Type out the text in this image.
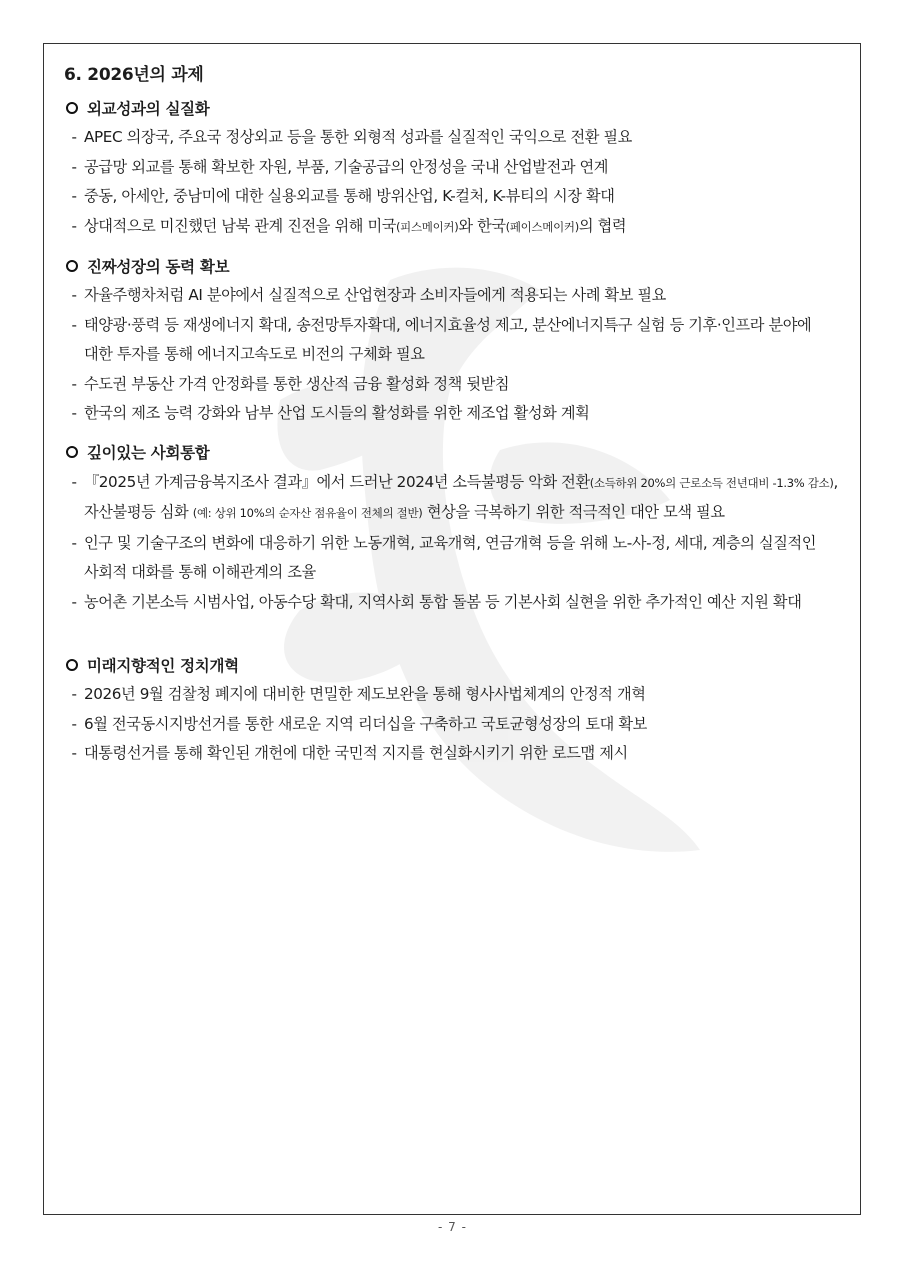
6. 2026년의 과제
외교성과의 실질화
- APEC 의장국, 주요국 정상외교 등을 통한 외형적 성과를 실질적인 국익으로 전환 필요
- 공급망 외교를 통해 확보한 자원, 부품, 기술공급의 안정성을 국내 산업발전과 연계
- 중동, 아세안, 중남미에 대한 실용외교를 통해 방위산업, K-컬처, K-뷰티의 시장 확대
- 상대적으로 미진했던 남북 관계 진전을 위해 미국(피스메이커)와 한국(페이스메이커)의 협력
진짜성장의 동력 확보
- 자율주행차처럼 AI 분야에서 실질적으로 산업현장과 소비자들에게 적용되는 사례 확보 필요
- 태양광·풍력 등 재생에너지 확대, 송전망투자확대, 에너지효율성 제고, 분산에너지특구 실험 등 기후·인프라 분야에 대한 투자를 통해 에너지고속도로 비전의 구체화 필요
- 수도권 부동산 가격 안정화를 통한 생산적 금융 활성화 정책 뒷받침
- 한국의 제조 능력 강화와 남부 산업 도시들의 활성화를 위한 제조업 활성화 계획
깊이있는 사회통합
- 『2025년 가계금융복지조사 결과』에서 드러난 2024년 소득불평등 악화 전환(소득하위 20%의 근로소득 전년대비 -1.3% 감소), 자산불평등 심화 (예: 상위 10%의 순자산 점유율이 전체의 절반) 현상을 극복하기 위한 적극적인 대안 모색 필요
- 인구 및 기술구조의 변화에 대응하기 위한 노동개혁, 교육개혁, 연금개혁 등을 위해 노-사-정, 세대, 계층의 실질적인 사회적 대화를 통해 이해관계의 조율
- 농어촌 기본소득 시범사업, 아동수당 확대, 지역사회 통합 돌봄 등 기본사회 실현을 위한 추가적인 예산 지원 확대
미래지향적인 정치개혁
- 2026년 9월 검찰청 폐지에 대비한 면밀한 제도보완을 통해 형사사법체계의 안정적 개혁
- 6월 전국동시지방선거를 통한 새로운 지역 리더십을 구축하고 국토균형성장의 토대 확보
- 대통령선거를 통해 확인된 개헌에 대한 국민적 지지를 현실화시키기 위한 로드맵 제시
- 7 -
